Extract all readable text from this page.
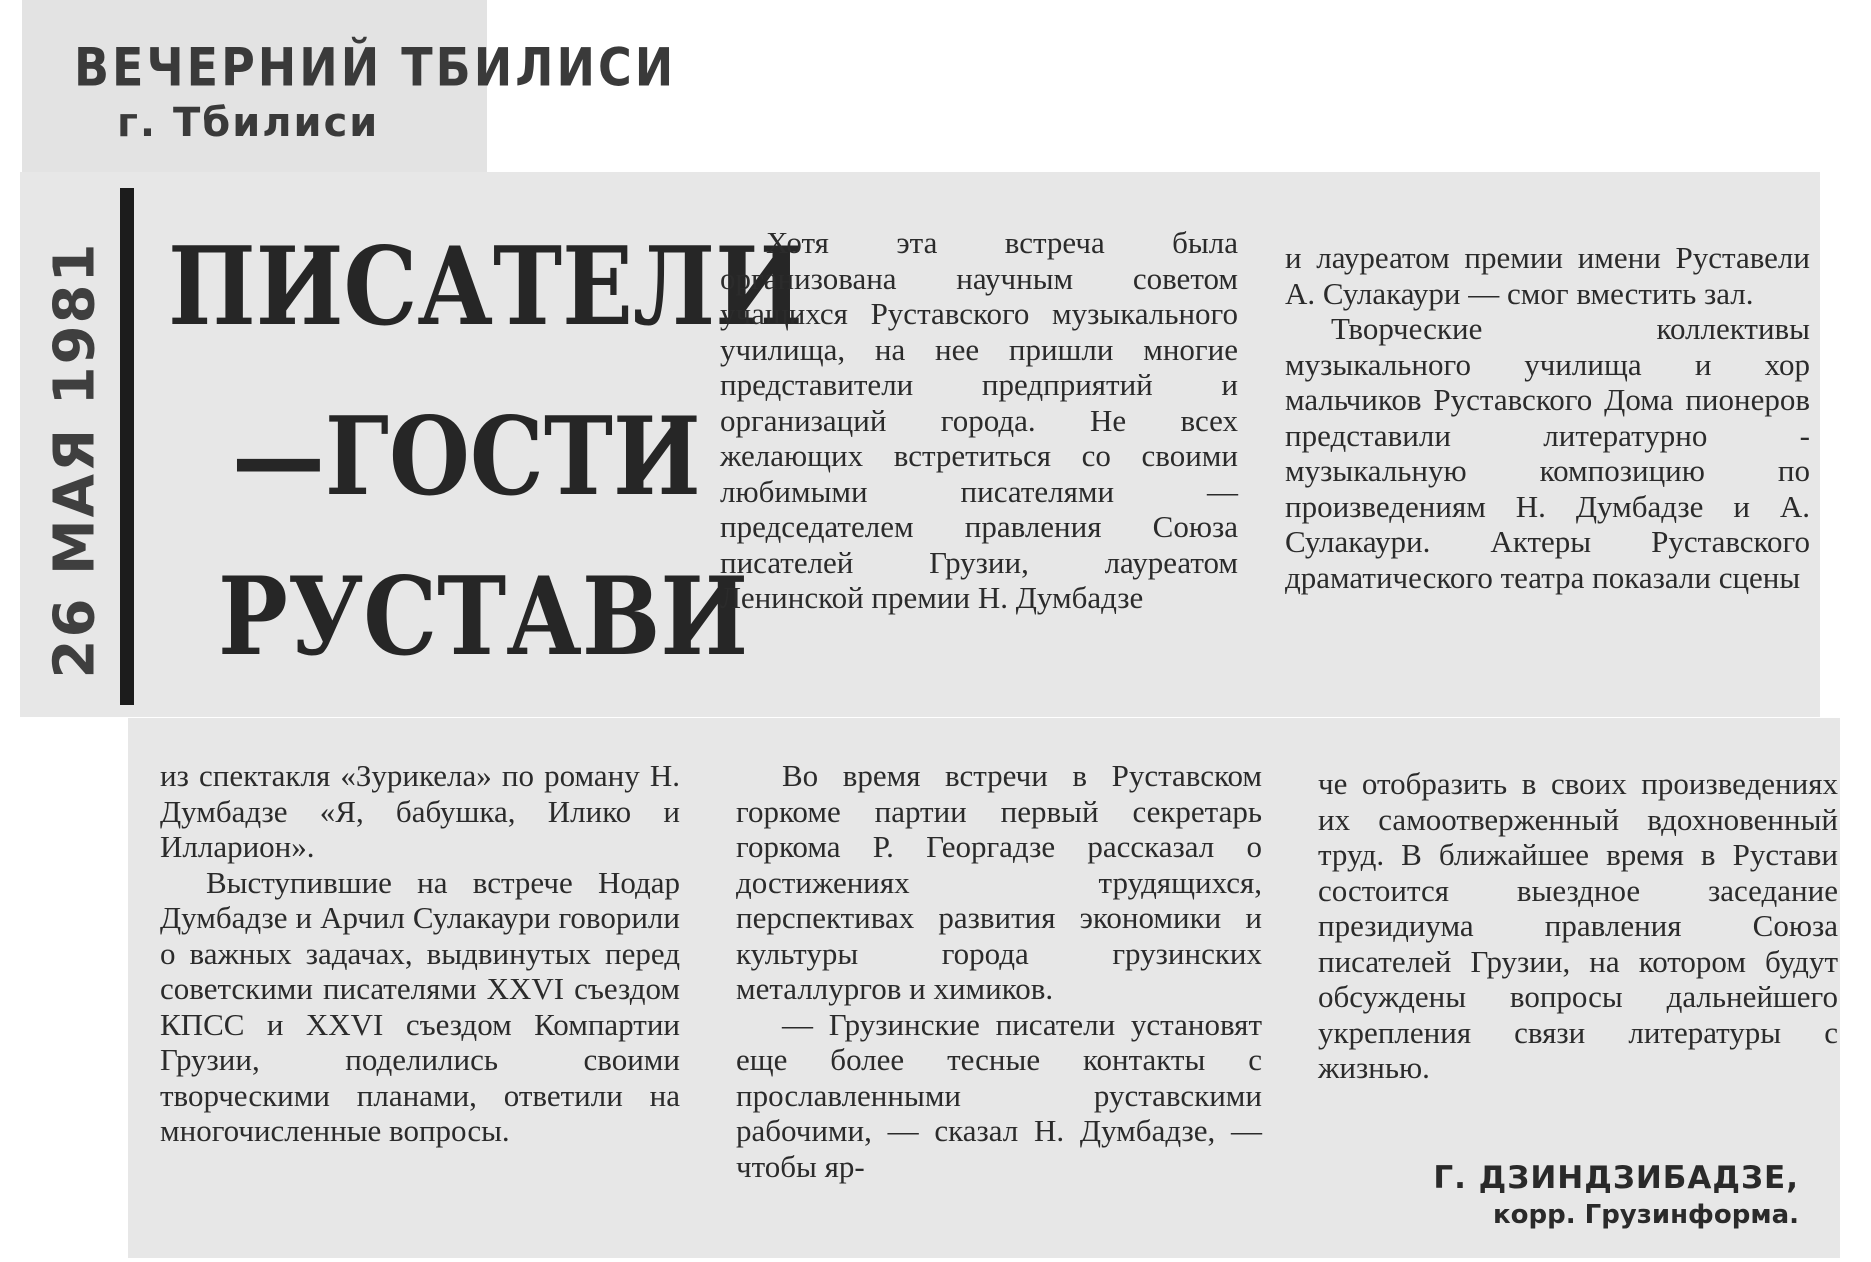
ВЕЧЕРНИЙ ТБИЛИСИ
г. Тбилиси
26 МАЯ 1981 ПИСАТЕЛИ
—ГОСТИ
РУСТАВИ

Хотя эта встреча была организована научным советом учащихся Руставского музыкального училища, на нее пришли многие представители предприятий и организаций города. Не всех желающих встретиться со своими любимыми писателями — председателем правления Союза писателей Грузии, лауреатом Ленинской премии Н. Думбадзе

и лауреатом премии имени Руставели А. Сулакаури — смог вместить зал.

Творческие коллективы музыкального училища и хор мальчиков Руставского Дома пионеров представили литературно - музыкальную композицию по произведениям Н. Думбадзе и А. Сулакаури. Актеры Руставского драматического театра показали сцены

из спектакля «Зурикела» по роману Н. Думбадзе «Я, бабушка, Илико и Илларион».

Выступившие на встрече Нодар Думбадзе и Арчил Сулакаури говорили о важных задачах, выдвинутых перед советскими писателями XXVI съездом КПСС и XXVI съездом Компартии Грузии, поделились своими творческими планами, ответили на многочисленные вопросы.

Во время встречи в Руставском горкоме партии первый секретарь горкома Р. Георгадзе рассказал о достижениях трудящихся, перспективах развития экономики и культуры города грузинских металлургов и химиков.

— Грузинские писатели установят еще более тесные контакты с прославленными руставскими рабочими, — сказал Н. Думбадзе, — чтобы яр-

че отобразить в своих произведениях их самоотверженный вдохновенный труд. В ближайшее время в Рустави состоится выездное заседание президиума правления Союза писателей Грузии, на котором будут обсуждены вопросы дальнейшего укрепления связи литературы с жизнью.

Г. ДЗИНДЗИБАДЗЕ,
корр. Грузинформа.
